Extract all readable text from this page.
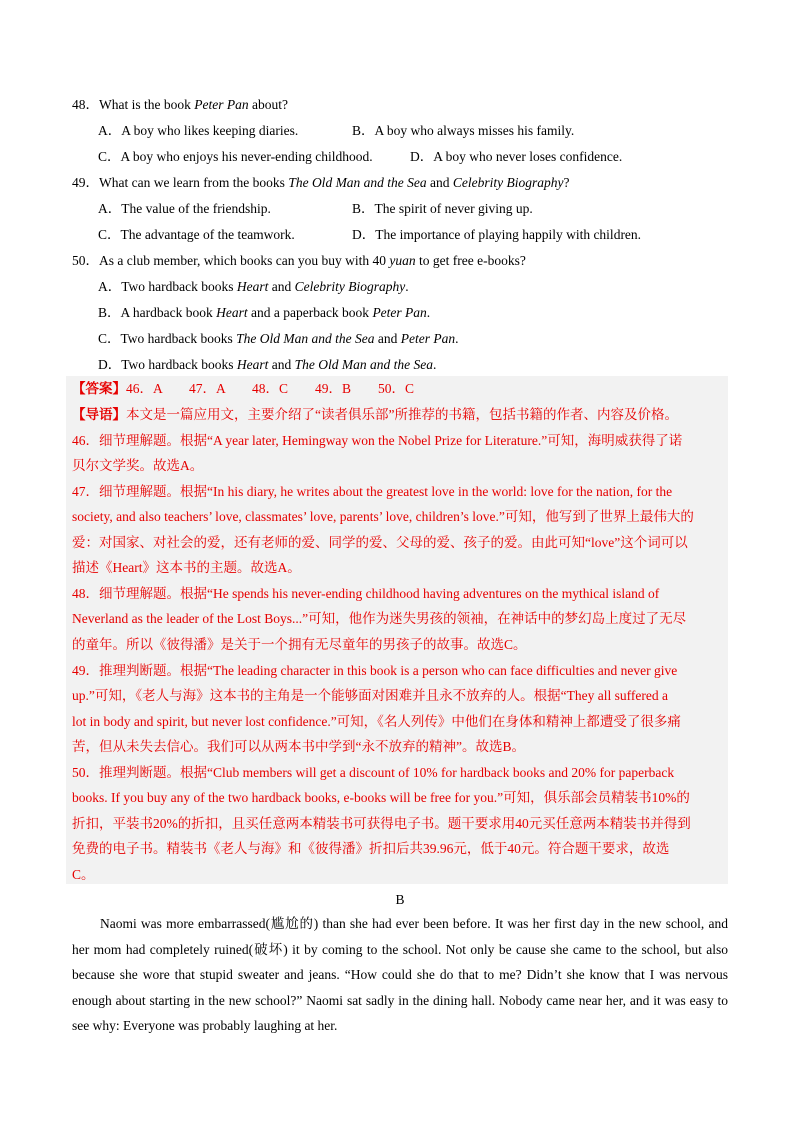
48．What is the book Peter Pan about?
A．A boy who likes keeping diaries.	B．A boy who always misses his family.
C．A boy who enjoys his never-ending childhood.	D．A boy who never loses confidence.
49．What can we learn from the books The Old Man and the Sea and Celebrity Biography?
A．The value of the friendship.	B．The spirit of never giving up.
C．The advantage of the teamwork.	D．The importance of playing happily with children.
50．As a club member, which books can you buy with 40 yuan to get free e-books?
A．Two hardback books Heart and Celebrity Biography.
B．A hardback book Heart and a paperback book Peter Pan.
C．Two hardback books The Old Man and the Sea and Peter Pan.
D．Two hardback books Heart and The Old Man and the Sea.
【答案】46．A　　47．A　　48．C　　49．B　　50．C
【导语】本文是一篇应用文，主要介绍了“读者俱乐部”所推荐的书籍，包括书籍的作者、内容及价格。
46．细节理解题。根据“A year later, Hemingway won the Nobel Prize for Literature.”可知，海明威获得了诺
贝尔文学奖。故选A。
47．细节理解题。根据“In his diary, he writes about the greatest love in the world: love for the nation, for the
society, and also teachers’ love, classmates’ love, parents’ love, children’s love.”可知，他写到了世界上最伟大的
爱：对国家、对社会的爱，还有老师的爱、同学的爱、父母的爱、孩子的爱。由此可知“love”这个词可以
描述《Heart》这本书的主题。故选A。
48．细节理解题。根据“He spends his never-ending childhood having adventures on the mythical island of
Neverland as the leader of the Lost Boys...”可知，他作为迷失男孩的领袖，在神话中的梦幻岛上度过了无尽
的童年。所以《彼得潘》是关于一个拥有无尽童年的男孩子的故事。故选C。
49．推理判断题。根据“The leading character in this book is a person who can face difficulties and never give
up.”可知，《老人与海》这本书的主角是一个能够面对困难并且永不放弃的人。根据“They all suffered a
lot in body and spirit, but never lost confidence.”可知，《名人列传》中他们在身体和精神上都遭受了很多痛
苦，但从未失去信心。我们可以从两本书中学到“永不放弃的精神”。故选B。
50．推理判断题。根据“Club members will get a discount of 10% for hardback books and 20% for paperback
books. If you buy any of the two hardback books, e-books will be free for you.”可知，俱乐部会员精装书10%的
折扣，平装书20%的折扣，且买任意两本精装书可获得电子书。题干要求用40元买任意两本精装书并得到
免费的电子书。精装书《老人与海》和《彼得潘》折扣后共39.96元，低于40元。符合题干要求，故选
C。
B
Naomi was more embarrassed(尴尬的) than she had ever been before. It was her first day in the new school, and her mom had completely ruined(破坏) it by coming to the school. Not only be cause she came to the school, but also because she wore that stupid sweater and jeans. “How could she do that to me? Didn’t she know that I was nervous enough about starting in the new school?” Naomi sat sadly in the dining hall. Nobody came near her, and it was easy to see why: Everyone was probably laughing at her.
